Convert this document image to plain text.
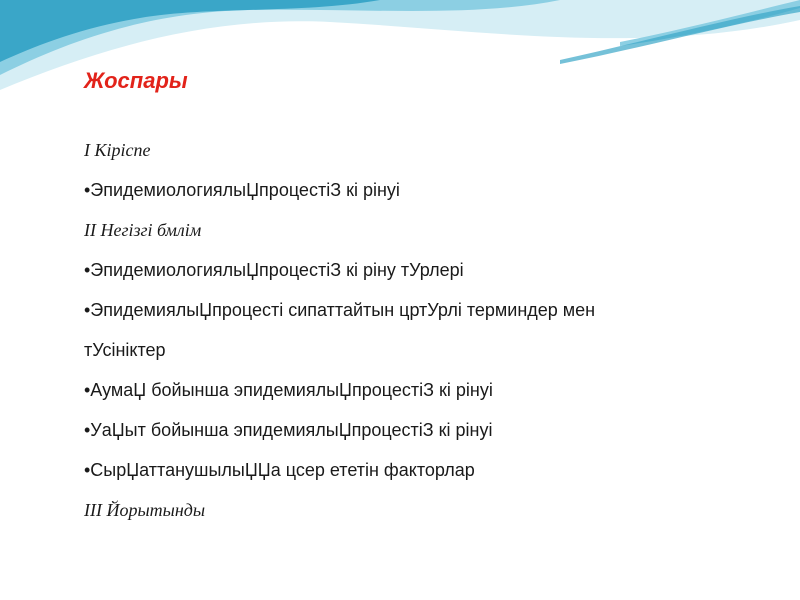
Жоспары
I Кіріспе
•ЭпидемиологиялыЏпроцестіЗ кі рінуі
II Негізгі бмлім
•ЭпидемиологиялыЏпроцестіЗ кі ріну тУрлері
•ЭпидемиялыЏпроцесті сипаттайтын цртУрлі терминдер мен
тУсініктер
•АумаЏ бойынша эпидемиялыЏпроцестіЗ кі рінуі
•УаЏыт бойынша эпидемиялыЏпроцестіЗ кі рінуі
•СырЏаттанушылыЏЏа цсер ететін факторлар
III Йорытынды
